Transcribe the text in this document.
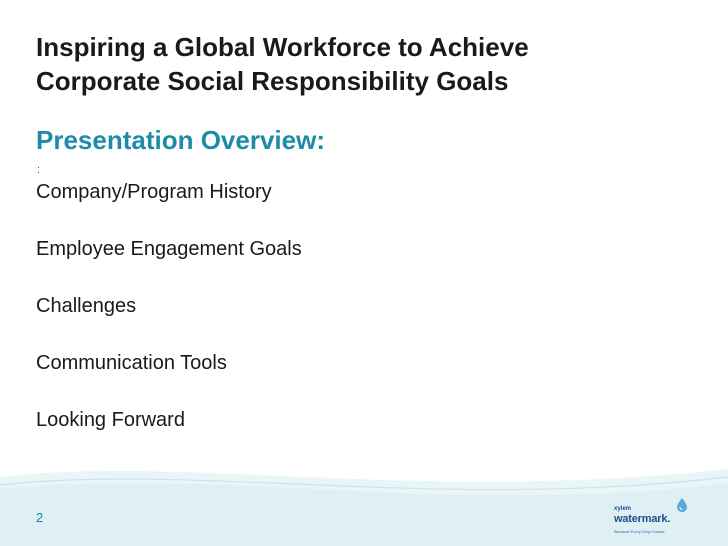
Inspiring a Global Workforce to Achieve
Corporate Social Responsibility Goals
Presentation Overview:
:
Company/Program History
Employee Engagement Goals
Challenges
Communication Tools
Looking Forward
2
xylem
watermark.
Because Every Drop Counts
